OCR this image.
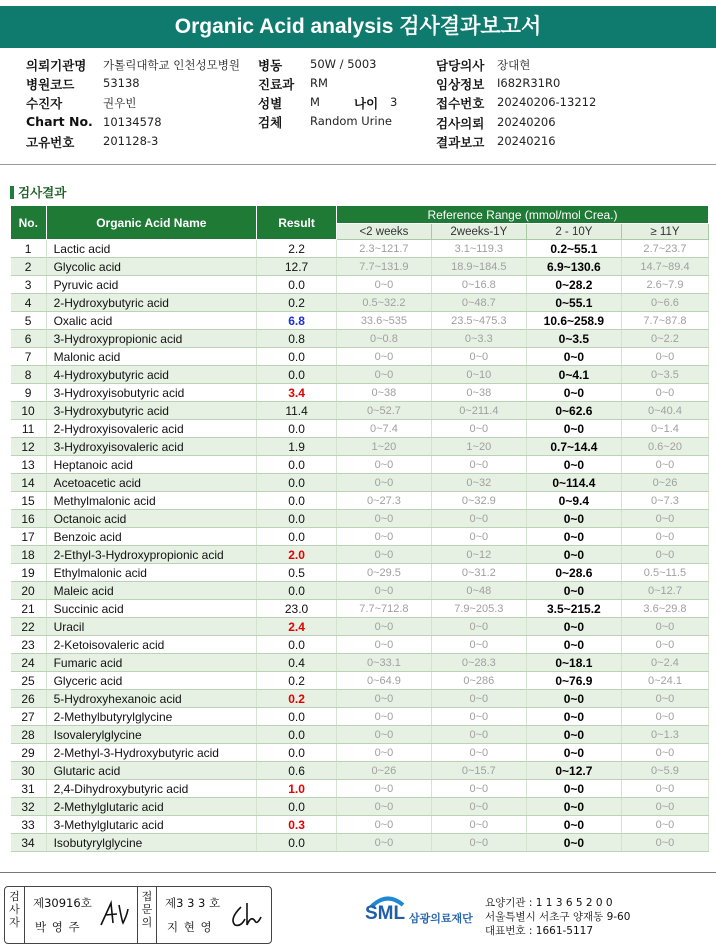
Organic Acid analysis 검사결과보고서
의뢰기관명 가톨릭대학교 인천성모병원
병원코드 53138
수진자	권우빈
Chart No. 10134578
고유번호 201128-3
병동 50W / 5003
진료과 RM
성별 M	나이 3
검체 Random Urine
담당의사 장대현
임상정보 I682R31R0
접수번호 20240206-13212
검사의뢰 20240206
결과보고 20240216
검사결과
No.	Organic Acid Name	Result	Reference Range (mmol/mol Crea.)			
			<2 weeks	2weeks-1Y	2 - 10Y	≥ 11Y
1	Lactic acid	2.2	2.3~121.7	3.1~119.3	0.2~55.1	2.7~23.7
2	Glycolic acid	12.7	7.7~131.9	18.9~184.5	6.9~130.6	14.7~89.4
3	Pyruvic acid	0.0	0~0	0~16.8	0~28.2	2.6~7.9
4	2-Hydroxybutyric acid	0.2	0.5~32.2	0~48.7	0~55.1	0~6.6
5	Oxalic acid	6.8	33.6~535	23.5~475.3	10.6~258.9	7.7~87.8
6	3-Hydroxypropionic acid	0.8	0~0.8	0~3.3	0~3.5	0~2.2
7	Malonic acid	0.0	0~0	0~0	0~0	0~0
8	4-Hydroxybutyric acid	0.0	0~0	0~10	0~4.1	0~3.5
9	3-Hydroxyisobutyric acid	3.4	0~38	0~38	0~0	0~0
10	3-Hydroxybutyric acid	11.4	0~52.7	0~211.4	0~62.6	0~40.4
11	2-Hydroxyisovaleric acid	0.0	0~7.4	0~0	0~0	0~1.4
12	3-Hydroxyisovaleric acid	1.9	1~20	1~20	0.7~14.4	0.6~20
13	Heptanoic acid	0.0	0~0	0~0	0~0	0~0
14	Acetoacetic acid	0.0	0~0	0~32	0~114.4	0~26
15	Methylmalonic acid	0.0	0~27.3	0~32.9	0~9.4	0~7.3
16	Octanoic acid	0.0	0~0	0~0	0~0	0~0
17	Benzoic acid	0.0	0~0	0~0	0~0	0~0
18	2-Ethyl-3-Hydroxypropionic acid	2.0	0~0	0~12	0~0	0~0
19	Ethylmalonic acid	0.5	0~29.5	0~31.2	0~28.6	0.5~11.5
20	Maleic acid	0.0	0~0	0~48	0~0	0~12.7
21	Succinic acid	23.0	7.7~712.8	7.9~205.3	3.5~215.2	3.6~29.8
22	Uracil	2.4	0~0	0~0	0~0	0~0
23	2-Ketoisovaleric acid	0.0	0~0	0~0	0~0	0~0
24	Fumaric acid	0.4	0~33.1	0~28.3	0~18.1	0~2.4
25	Glyceric acid	0.2	0~64.9	0~286	0~76.9	0~24.1
26	5-Hydroxyhexanoic acid	0.2	0~0	0~0	0~0	0~0
27	2-Methylbutyrylglycine	0.0	0~0	0~0	0~0	0~0
28	Isovalerylglycine	0.0	0~0	0~0	0~0	0~1.3
29	2-Methyl-3-Hydroxybutyric acid	0.0	0~0	0~0	0~0	0~0
30	Glutaric acid	0.6	0~26	0~15.7	0~12.7	0~5.9
31	2,4-Dihydroxybutyric acid	1.0	0~0	0~0	0~0	0~0
32	2-Methylglutaric acid	0.0	0~0	0~0	0~0	0~0
33	3-Methylglutaric acid	0.3	0~0	0~0	0~0	0~0
34	Isobutyrylglycine	0.0	0~0	0~0	0~0	0~0
검사자
제30916호
박 영 주
접문의
제3 3 3 호
지 현 영
SML 삼광의료재단
요양기관 : 1 1 3 6 5 2 0 0
서울특별시 서초구 양재동 9-60
대표번호 : 1661-5117
